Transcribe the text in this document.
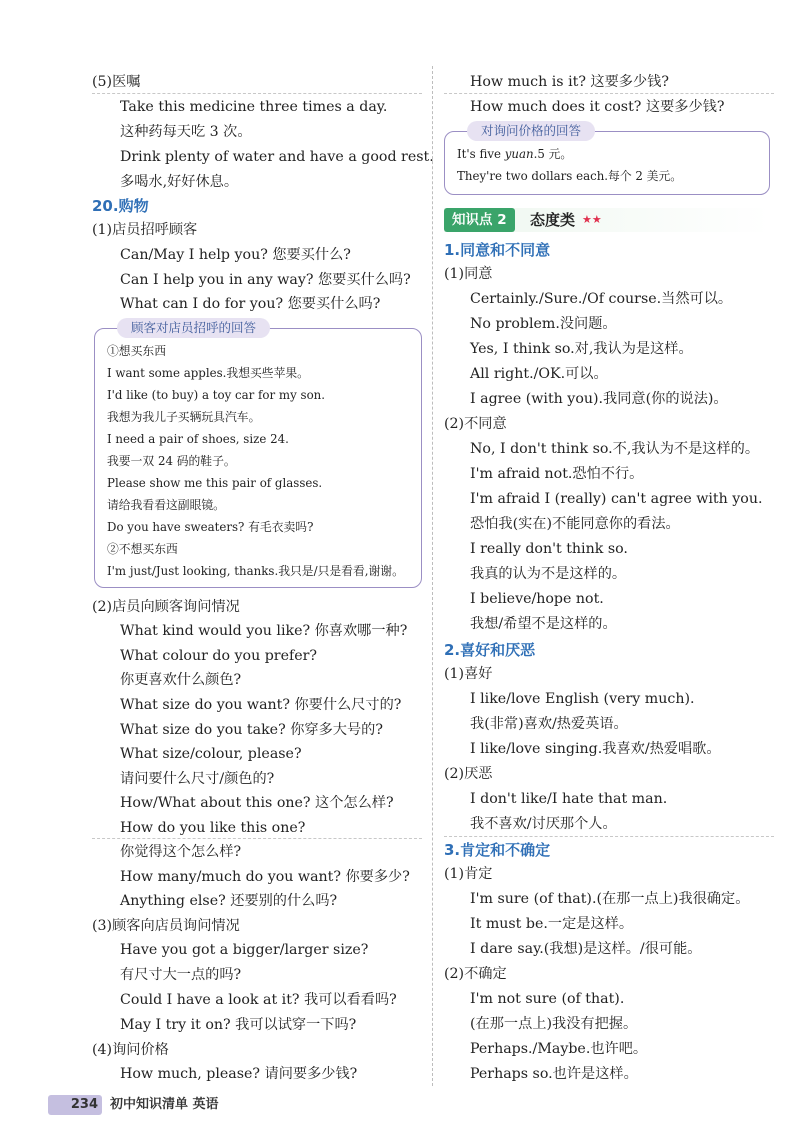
(5)医嘱
Take this medicine three times a day.
这种药每天吃 3 次。
Drink plenty of water and have a good rest.
多喝水,好好休息。
20.购物
(1)店员招呼顾客
Can/May I help you? 您要买什么?
Can I help you in any way? 您要买什么吗?
What can I do for you? 您要买什么吗?
顾客对店员招呼的回答
①想买东西
I want some apples.我想买些苹果。
I'd like (to buy) a toy car for my son.
我想为我儿子买辆玩具汽车。
I need a pair of shoes, size 24.
我要一双 24 码的鞋子。
Please show me this pair of glasses.
请给我看看这副眼镜。
Do you have sweaters? 有毛衣卖吗?
②不想买东西
I'm just/Just looking, thanks.我只是/只是看看,谢谢。
(2)店员向顾客询问情况
What kind would you like? 你喜欢哪一种?
What colour do you prefer?
你更喜欢什么颜色?
What size do you want? 你要什么尺寸的?
What size do you take? 你穿多大号的?
What size/colour, please?
请问要什么尺寸/颜色的?
How/What about this one? 这个怎么样?
How do you like this one?
你觉得这个怎么样?
How many/much do you want? 你要多少?
Anything else? 还要别的什么吗?
(3)顾客向店员询问情况
Have you got a bigger/larger size?
有尺寸大一点的吗?
Could I have a look at it? 我可以看看吗?
May I try it on? 我可以试穿一下吗?
(4)询问价格
How much, please? 请问要多少钱?
How much is it? 这要多少钱?
How much does it cost? 这要多少钱?
对询问价格的回答
It's five yuan.5 元。
They're two dollars each.每个 2 美元。
知识点 2	态度类 ★★
1.同意和不同意
(1)同意
Certainly./Sure./Of course.当然可以。
No problem.没问题。
Yes, I think so.对,我认为是这样。
All right./OK.可以。
I agree (with you).我同意(你的说法)。
(2)不同意
No, I don't think so.不,我认为不是这样的。
I'm afraid not.恐怕不行。
I'm afraid I (really) can't agree with you.
恐怕我(实在)不能同意你的看法。
I really don't think so.
我真的认为不是这样的。
I believe/hope not.
我想/希望不是这样的。
2.喜好和厌恶
(1)喜好
I like/love English (very much).
我(非常)喜欢/热爱英语。
I like/love singing.我喜欢/热爱唱歌。
(2)厌恶
I don't like/I hate that man.
我不喜欢/讨厌那个人。
3.肯定和不确定
(1)肯定
I'm sure (of that).(在那一点上)我很确定。
It must be.一定是这样。
I dare say.(我想)是这样。/很可能。
(2)不确定
I'm not sure (of that).
(在那一点上)我没有把握。
Perhaps./Maybe.也许吧。
Perhaps so.也许是这样。
234 初中知识清单 英语
